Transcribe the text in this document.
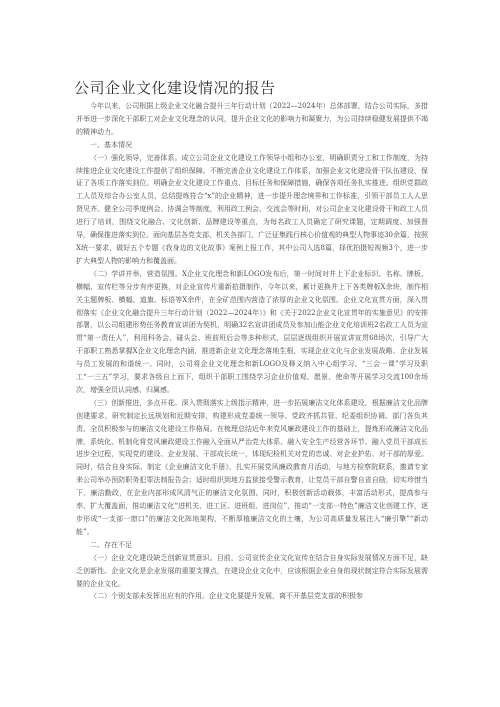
公司企业文化建设情况的报告

今年以来，公司根据上级企业文化融合提升三年行动计划（2022—2024年）总体部署，结合公司实际，多措并举进一步深化干部职工对企业文化理念的认同，提升企业文化的影响力和凝聚力，为公司持续稳健发展提供不竭的精神动力。

一、基本情况

（一）强化领导，完善体系。成立公司企业文化建设工作领导小组和办公室，明确职责分工和工作制度，为持续推进企业文化建设工作提供了组织保障。不断完善企业文化建设工作体系，加强企业文化建设骨干队伍建设，保证了各项工作落实到位。明确企业文化建设工作重点、目标任务和保障措施，确保各项任务扎实推进。组织党群政工人员及综合办公室人员，总结提炼符合“x”的企业精神，进一步提升理念境界和工作标准，引领干部员工人人思贤见齐。健全公司季度例会、协调会等制度，利用政工例会、交流会等时间，对公司企业文化建设骨干和政工人员进行了培训，围绕文化融合、文化创新、品牌建设等重点，为每名政工人员确定了研究课题，定期调度、加强督导，确保推进落实到位。面向基层各党支部、机关各部门，广泛征集践行核心价值观的典型人物事迹30余篇，按照X统一要求，做好五个专题《我身边的文化故事》案例上报工作，其中公司入选8篇，择优拍摄短视频3个，进一步扩大典型人物的影响力和覆盖面。

（二）学讲并举，营造氛围。X企业文化理念和新LOGO发布后，第一时间对井上下企业标识、名称、牌板、横幅、宣传栏等分步有序更换，对企业宣传片重新拍摄制作，今年以来，累计更换井上下各类牌板X余块，制作相关主题牌板、横幅、道旗、标语等X余件，在全矿范围内营造了浓厚的企业文化氛围。企业文化宣贯方面，深入贯彻落实《企业文化融合提升三年行动计划（2022—2024年）》和《关于2022企业文化宣贯年的实施意见》的安排部署，以公司组建形势任务教育宣讲团为契机，明确32名宣讲团成员及参加山能企业文化培训班2名政工人员为宣贯“第一责任人”，利用科务会、碰头会、班前班后会等多种形式，层层逐级组织开展宣讲宣贯68场次，引导广大干部职工熟悉掌握X企业文化理念内涵，推进新企业文化理念落地生根，实现企业文化与企业发展战略、企业发展与员工发展的和谐统一。同时，公司将企业文化理念和新LOGO及释义纳入中心组学习、“三会一课”学习及职工“一三五”学习，要求各级自上而下，组织干部职工围绕学习企业价值观、愿景、使命等开展学习交流100余场次，增强全员认同感、归属感。

（三）创新推进，多点开花。深入贯彻落实上级指示精神，进一步拓展廉洁文化体系建设，根据廉洁文化品牌创建要求，研究制定长远规划和近期安排，构建形成党委统一领导、党政齐抓共管、纪委组织协调、部门各负其责、全员积极参与的廉洁文化建设工作格局。在梳理总结近年来党风廉政建设工作的基础上，提炼形成廉洁文化品牌，系统化、机制化将党风廉政建设工作融入全面从严治党大体系、融入安全生产经营各环节、融入党员干部成长进步全过程，实现党的建设、企业发展、干部成长统一，体现纪检机关对党的忠诚、对企业护佑、对干部的厚爱。同时，结合自身实际，制定《企业廉洁文化手册》，扎实开展党风廉政教育月活动，与地方检察院联系，邀请专家来公司举办预防职务犯罪法制报告会；适时组织到地方监狱接受警示教育，让党员干部自警自省自励，切实珍惜当下、廉洁勤政，在企业内部形成风清气正的廉洁文化氛围。同时，积极创新活动载体，丰富活动形式，提高参与率，扩大覆盖面，推动廉洁文化“进机关、进工区、进班组、进岗位”，推动“一支部一特色”廉洁文化创建工作，逐步形成“一支部一窗口”的廉洁文化阵地架构，不断厚植廉洁文化的土壤，为公司高质量发展注入“廉引擎”“新动能”。

二、存在不足

（一）企业文化建设缺乏创新宣贯意识。目前，公司宣传企业文化宣传在结合自身实际发展情况方面不足，缺乏创新性。企业文化是企业发展的重要支撑点，在建设企业文化中，应该根据企业自身的现状制定符合实际发展需要的企业文化。

（二）个别支部未发挥出应有的作用。企业文化要提升发展，离不开基层党支部的积极参
